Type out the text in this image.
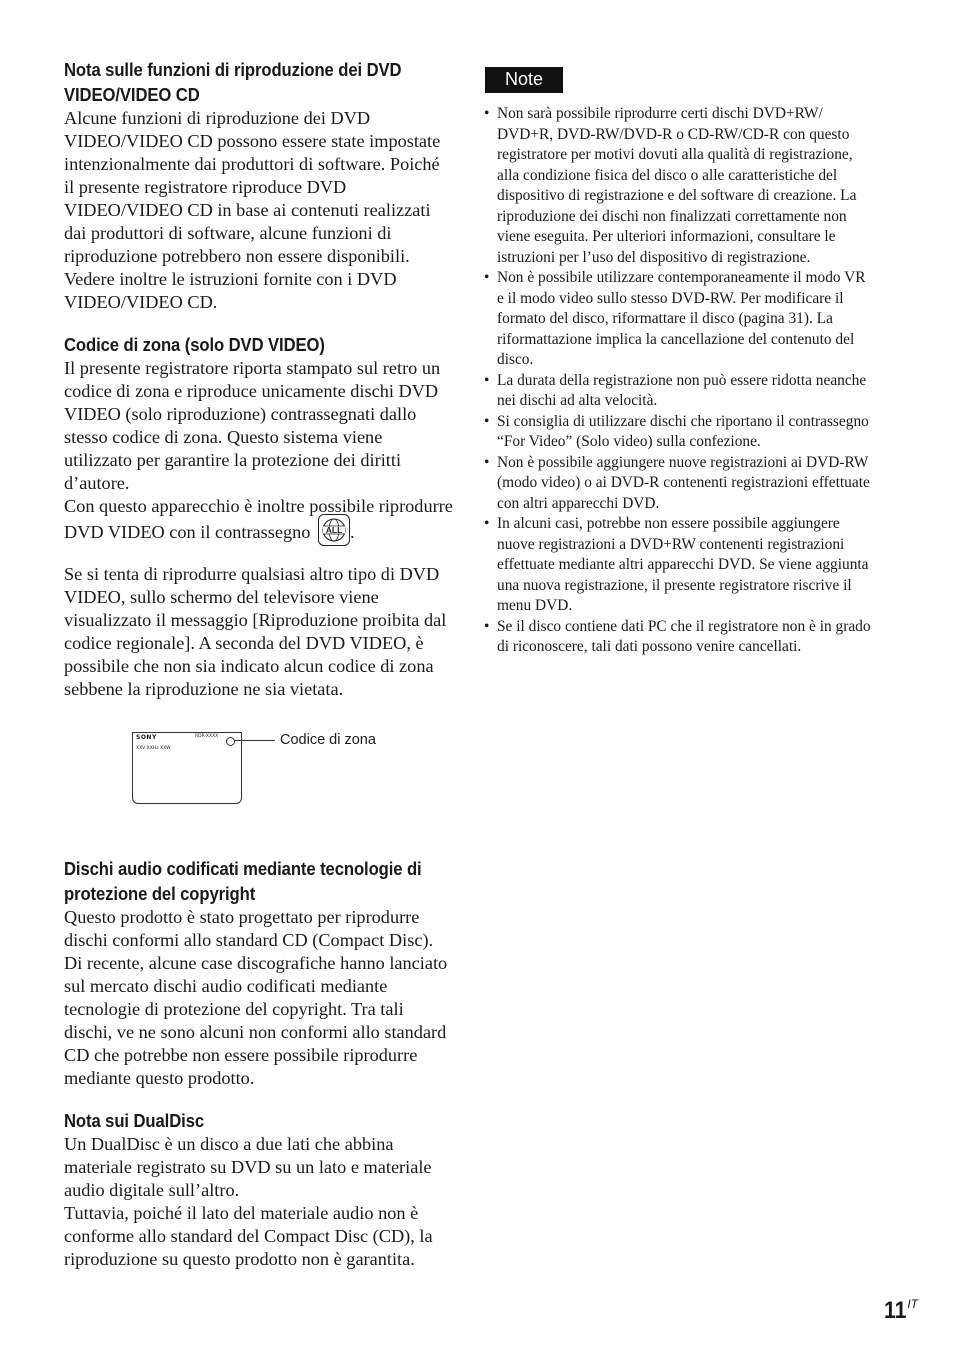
Nota sulle funzioni di riproduzione dei DVD VIDEO/VIDEO CD

Alcune funzioni di riproduzione dei DVD VIDEO/VIDEO CD possono essere state impostate intenzionalmente dai produttori di software. Poiché il presente registratore riproduce DVD VIDEO/VIDEO CD in base ai contenuti realizzati dai produttori di software, alcune funzioni di riproduzione potrebbero non essere disponibili. Vedere inoltre le istruzioni fornite con i DVD VIDEO/VIDEO CD.

Codice di zona (solo DVD VIDEO)

Il presente registratore riporta stampato sul retro un codice di zona e riproduce unicamente dischi DVD VIDEO (solo riproduzione) contrassegnati dallo stesso codice di zona. Questo sistema viene utilizzato per garantire la protezione dei diritti d’autore.

Con questo apparecchio è inoltre possibile riprodurre DVD VIDEO con il contrassegno ALL .

Se si tenta di riprodurre qualsiasi altro tipo di DVD VIDEO, sullo schermo del televisore viene visualizzato il messaggio [Riproduzione proibita dal codice regionale]. A seconda del DVD VIDEO, è possibile che non sia indicato alcun codice di zona sebbene la riproduzione ne sia vietata.

SONY	RDR-XXXX
XXV XXHz XXW
Codice di zona
Dischi audio codificati mediante tecnologie di protezione del copyright

Questo prodotto è stato progettato per riprodurre dischi conformi allo standard CD (Compact Disc). Di recente, alcune case discografiche hanno lanciato sul mercato dischi audio codificati mediante tecnologie di protezione del copyright. Tra tali dischi, ve ne sono alcuni non conformi allo standard CD che potrebbe non essere possibile riprodurre mediante questo prodotto.

Nota sui DualDisc

Un DualDisc è un disco a due lati che abbina materiale registrato su DVD su un lato e materiale audio digitale sull’altro.

Tuttavia, poiché il lato del materiale audio non è conforme allo standard del Compact Disc (CD), la riproduzione su questo prodotto non è garantita.

Note
• Non sarà possibile riprodurre certi dischi DVD+RW/ DVD+R, DVD-RW/DVD-R o CD-RW/CD-R con questo registratore per motivi dovuti alla qualità di registrazione, alla condizione fisica del disco o alle caratteristiche del dispositivo di registrazione e del software di creazione. La riproduzione dei dischi non finalizzati correttamente non viene eseguita. Per ulteriori informazioni, consultare le istruzioni per l’uso del dispositivo di registrazione.
• Non è possibile utilizzare contemporaneamente il modo VR e il modo video sullo stesso DVD-RW. Per modificare il formato del disco, riformattare il disco (pagina 31). La riformattazione implica la cancellazione del contenuto del disco.
• La durata della registrazione non può essere ridotta neanche nei dischi ad alta velocità.
• Si consiglia di utilizzare dischi che riportano il contrassegno “For Video” (Solo video) sulla confezione.
• Non è possibile aggiungere nuove registrazioni ai DVD-RW (modo video) o ai DVD-R contenenti registrazioni effettuate con altri apparecchi DVD.
• In alcuni casi, potrebbe non essere possibile aggiungere nuove registrazioni a DVD+RW contenenti registrazioni effettuate mediante altri apparecchi DVD. Se viene aggiunta una nuova registrazione, il presente registratore riscrive il menu DVD.
• Se il disco contiene dati PC che il registratore non è in grado di riconoscere, tali dati possono venire cancellati.
$11^{IT}$
